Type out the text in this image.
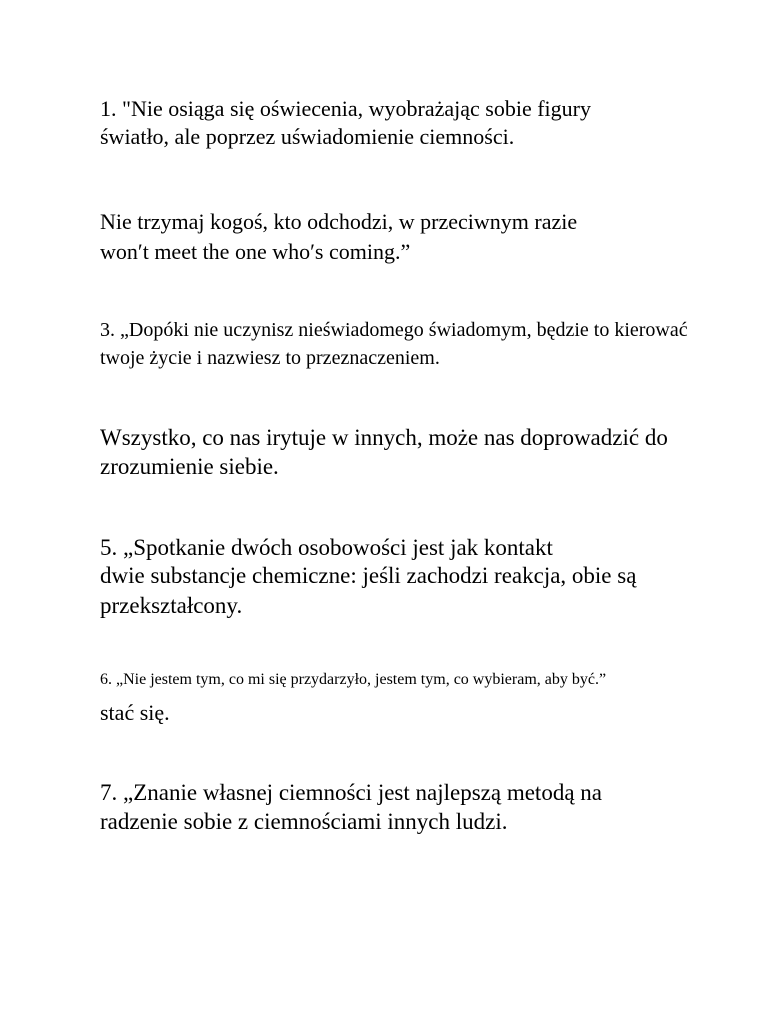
1. "Nie osiąga się oświecenia, wyobrażając sobie figury

światło, ale poprzez uświadomienie ciemności.

Nie trzymaj kogoś, kto odchodzi, w przeciwnym razie

won′t meet the one who′s coming.”

3. „Dopóki nie uczynisz nieświadomego świadomym, będzie to kierować

twoje życie i nazwiesz to przeznaczeniem.

Wszystko, co nas irytuje w innych, może nas doprowadzić do

zrozumienie siebie.

5. „Spotkanie dwóch osobowości jest jak kontakt

dwie substancje chemiczne: jeśli zachodzi reakcja, obie są

przekształcony.

6. „Nie jestem tym, co mi się przydarzyło, jestem tym, co wybieram, aby być.”

stać się.

7. „Znanie własnej ciemności jest najlepszą metodą na

radzenie sobie z ciemnościami innych ludzi.
